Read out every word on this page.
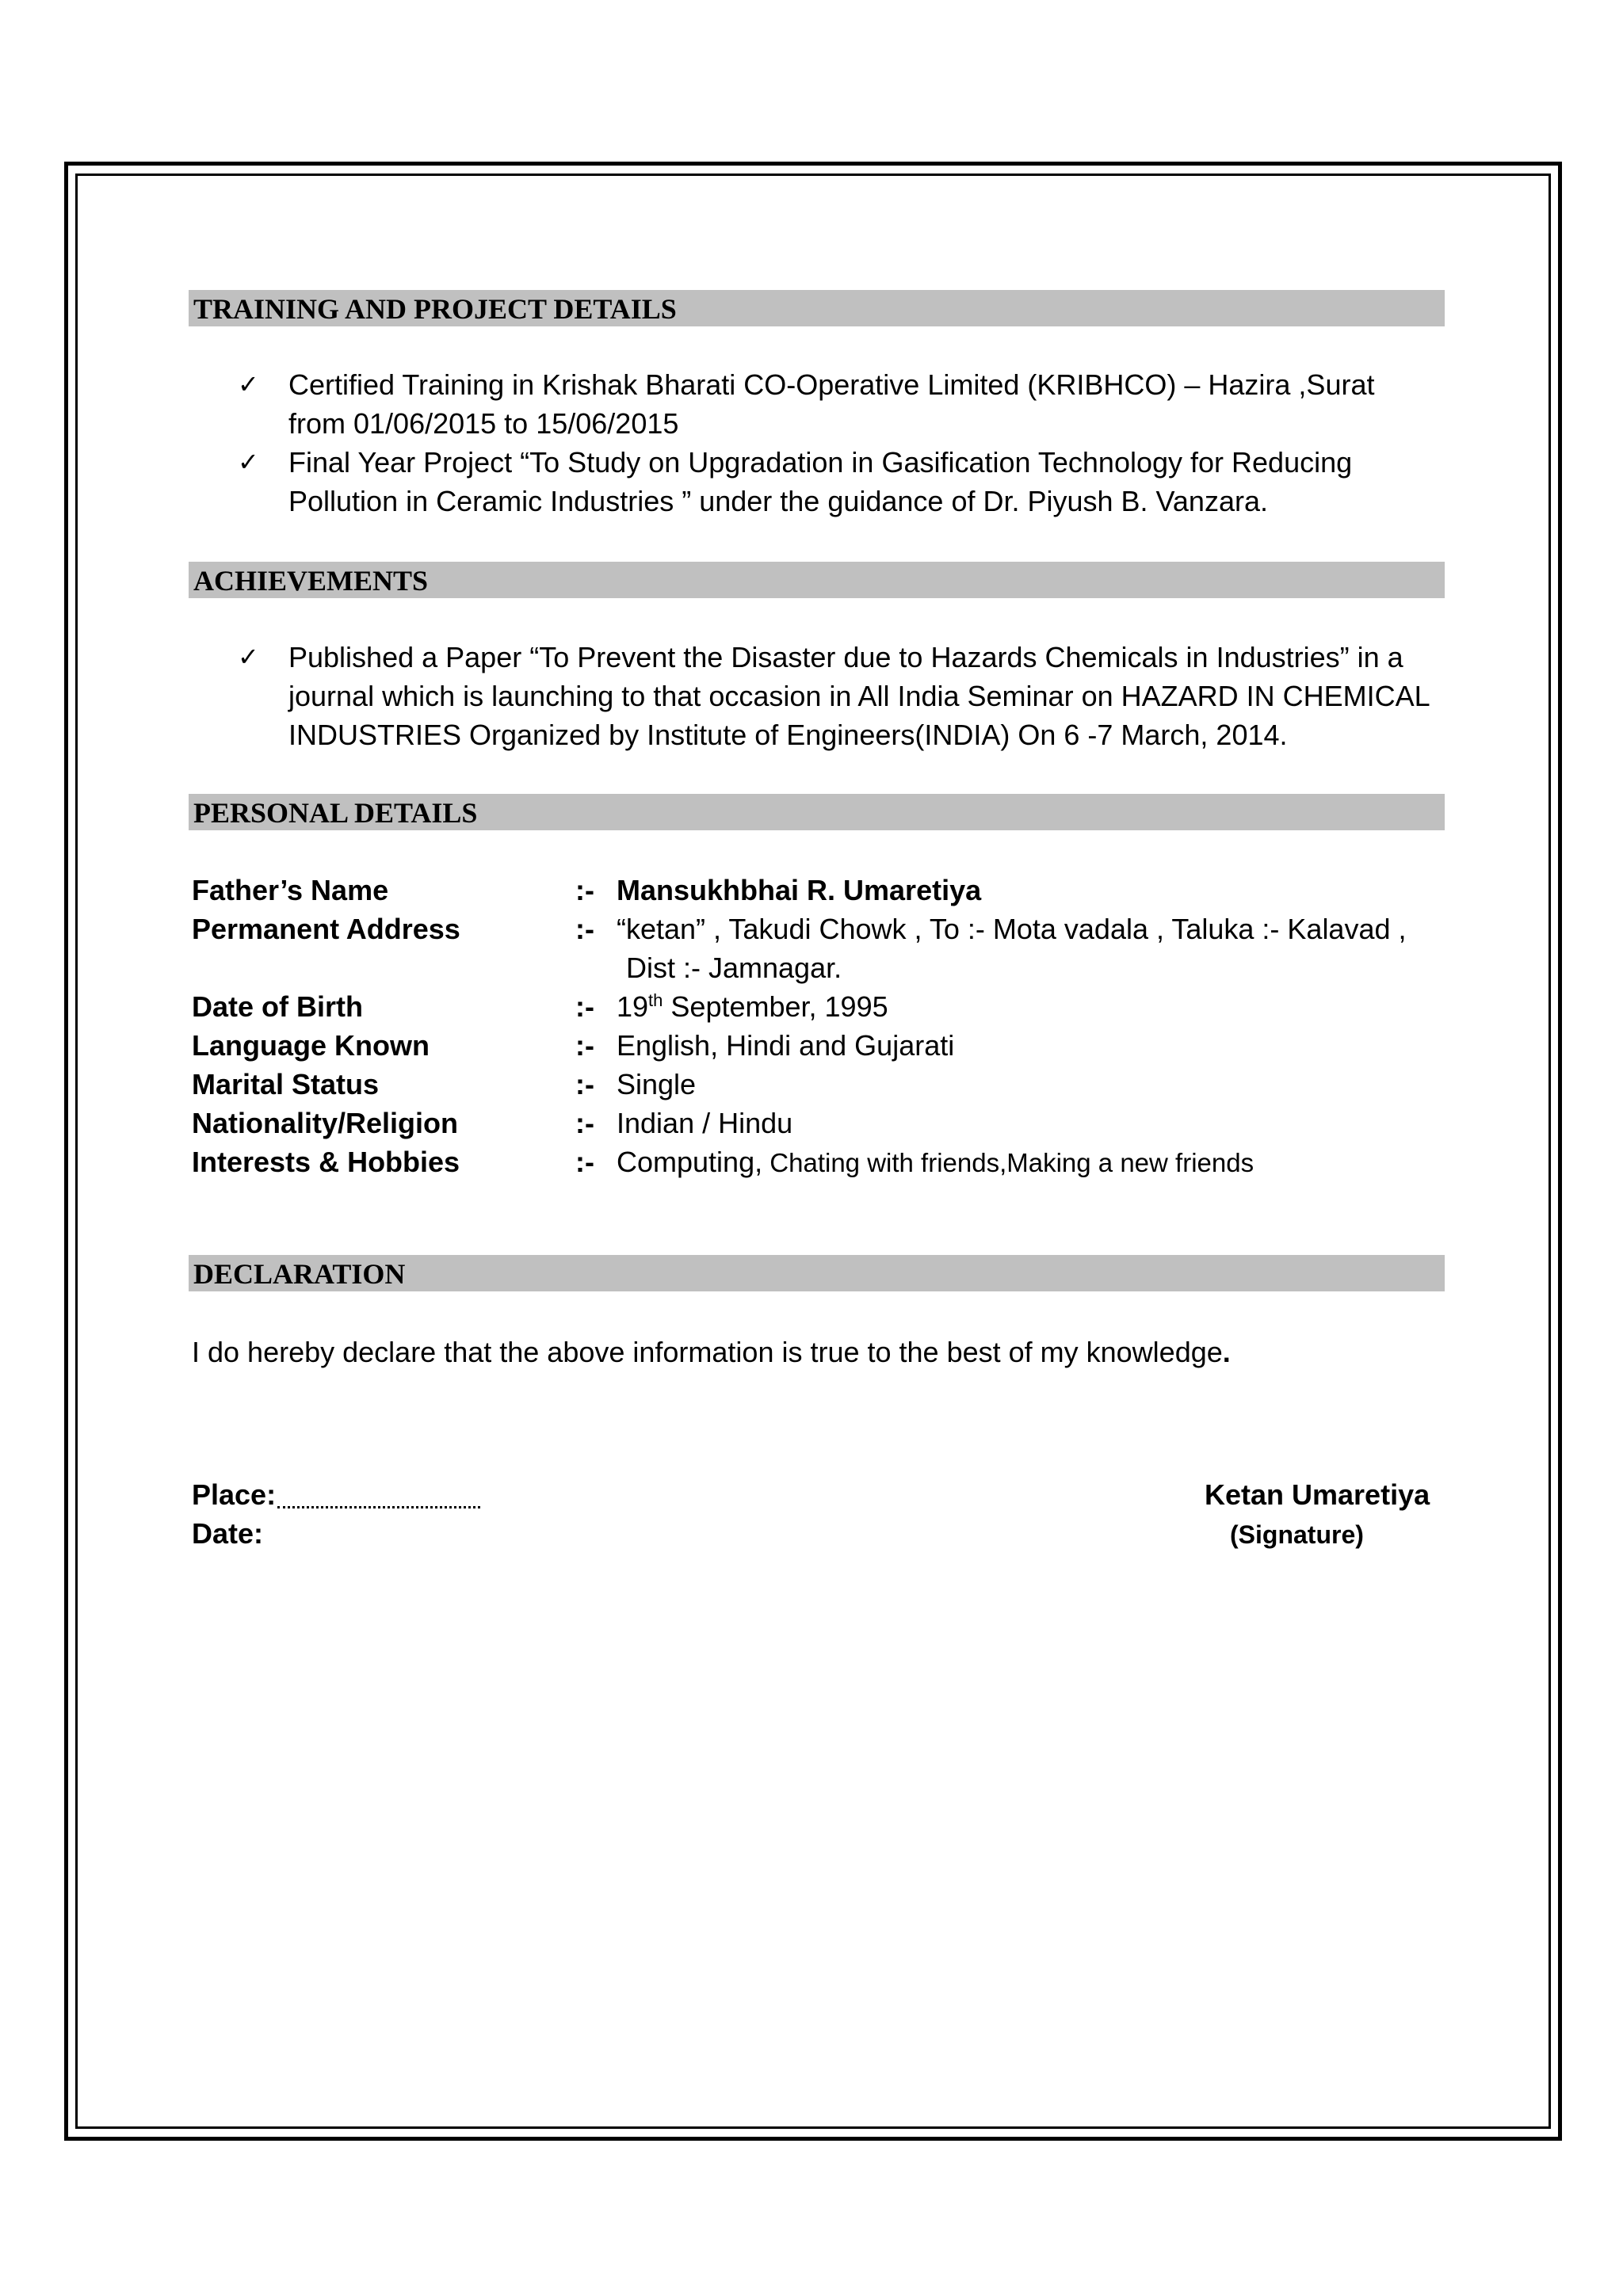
TRAINING AND PROJECT DETAILS
✓ Certified Training in Krishak Bharati CO-Operative Limited (KRIBHCO) – Hazira ,Surat
from 01/06/2015 to 15/06/2015
✓ Final Year Project “To Study on Upgradation in Gasification Technology for Reducing
Pollution in Ceramic Industries ” under the guidance of Dr. Piyush B. Vanzara.
ACHIEVEMENTS
✓ Published a Paper “To Prevent the Disaster due to Hazards Chemicals in Industries” in a
journal which is launching to that occasion in All India Seminar on HAZARD IN CHEMICAL
INDUSTRIES Organized by Institute of Engineers(INDIA) On 6 -7 March, 2014.
PERSONAL DETAILS
Father’s Name	:- Mansukhbhai R. Umaretiya
Permanent Address	:- “ketan” , Takudi Chowk , To :- Mota vadala , Taluka :- Kalavad ,
Dist :- Jamnagar.
Date of Birth	:- 19th September, 1995
Language Known	:- English, Hindi and Gujarati
Marital Status	:- Single
Nationality/Religion	:- Indian / Hindu
Interests & Hobbies	:- Computing, Chating with friends,Making a new friends
DECLARATION
I do hereby declare that the above information is true to the best of my knowledge.
Place:
Date:
Ketan Umaretiya
(Signature)
